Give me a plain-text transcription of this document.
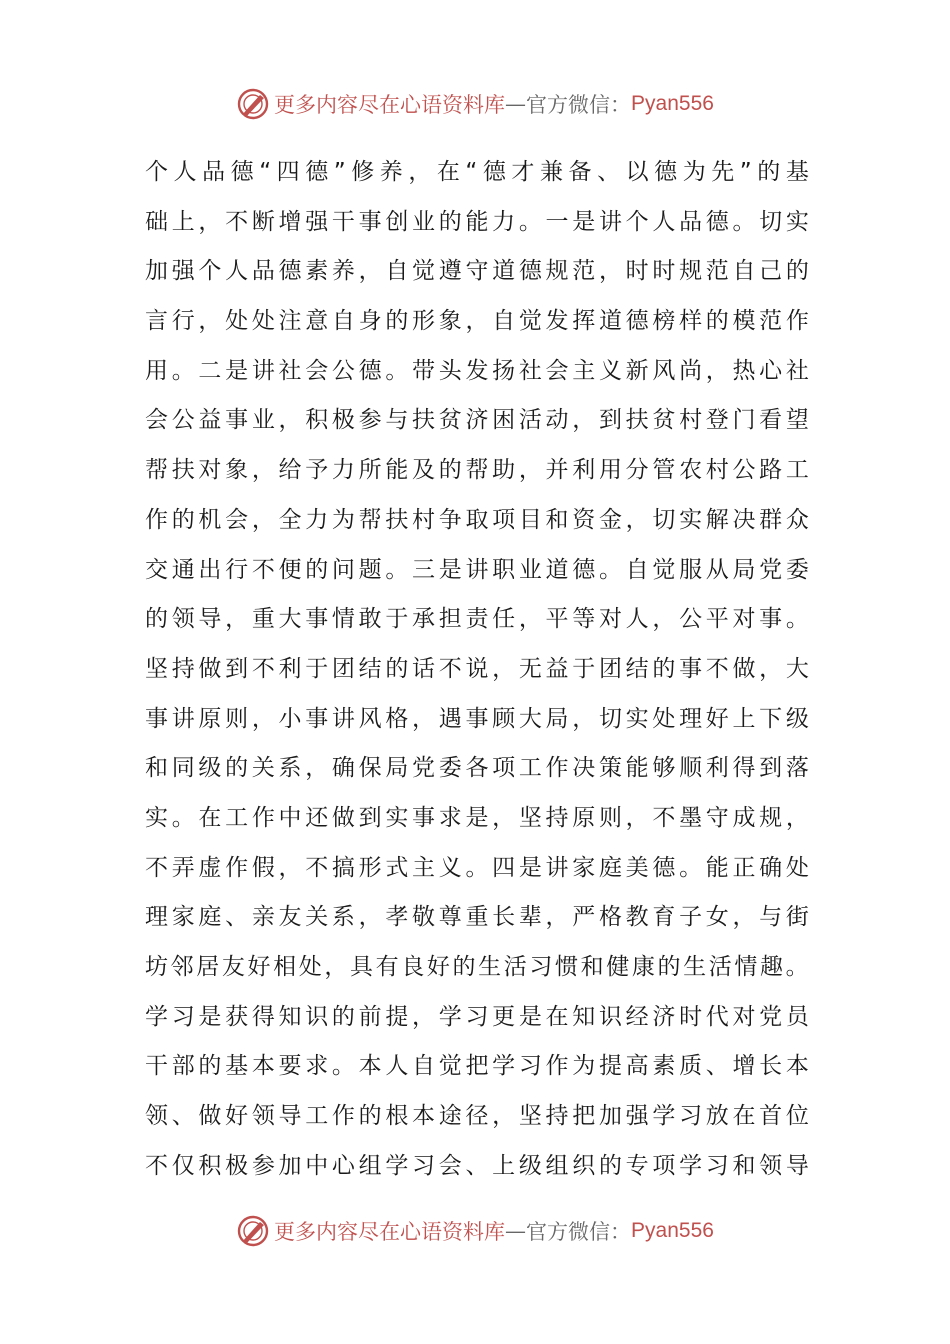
更多内容尽在心语资料库 — 官方微信： Pyan556
个 人 品 德 “ 四 德 ” 修 养 ， 在 “ 德 才 兼 备 、 以 德 为 先 ” 的 基
础 上 ， 不 断 增 强 干 事 创 业 的 能 力 。 一 是 讲 个 人 品 德 。 切 实
加 强 个 人 品 德 素 养 ， 自 觉 遵 守 道 德 规 范 ， 时 时 规 范 自 己 的
言 行 ， 处 处 注 意 自 身 的 形 象 ， 自 觉 发 挥 道 德 榜 样 的 模 范 作
用 。 二 是 讲 社 会 公 德 。 带 头 发 扬 社 会 主 义 新 风 尚 ， 热 心 社
会 公 益 事 业 ， 积 极 参 与 扶 贫 济 困 活 动 ， 到 扶 贫 村 登 门 看 望
帮 扶 对 象 ， 给 予 力 所 能 及 的 帮 助 ， 并 利 用 分 管 农 村 公 路 工
作 的 机 会 ， 全 力 为 帮 扶 村 争 取 项 目 和 资 金 ， 切 实 解 决 群 众
交 通 出 行 不 便 的 问 题 。 三 是 讲 职 业 道 德 。 自 觉 服 从 局 党 委
的 领 导 ， 重 大 事 情 敢 于 承 担 责 任 ， 平 等 对 人 ， 公 平 对 事 。
坚 持 做 到 不 利 于 团 结 的 话 不 说 ， 无 益 于 团 结 的 事 不 做 ， 大
事 讲 原 则 ， 小 事 讲 风 格 ， 遇 事 顾 大 局 ， 切 实 处 理 好 上 下 级
和 同 级 的 关 系 ， 确 保 局 党 委 各 项 工 作 决 策 能 够 顺 利 得 到 落
实 。 在 工 作 中 还 做 到 实 事 求 是 ， 坚 持 原 则 ， 不 墨 守 成 规 ，
不 弄 虚 作 假 ， 不 搞 形 式 主 义 。 四 是 讲 家 庭 美 德 。 能 正 确 处
理 家 庭 、 亲 友 关 系 ， 孝 敬 尊 重 长 辈 ， 严 格 教 育 子 女 ， 与 街
坊 邻 居 友 好 相 处 ， 具 有 良 好 的 生 活 习 惯 和 健 康 的 生 活 情 趣 。
学 习 是 获 得 知 识 的 前 提 ， 学 习 更 是 在 知 识 经 济 时 代 对 党 员
干 部 的 基 本 要 求 。 本 人 自 觉 把 学 习 作 为 提 高 素 质 、 增 长 本
领 、 做 好 领 导 工 作 的 根 本 途 径 ， 坚 持 把 加 强 学 习 放 在 首 位
不 仅 积 极 参 加 中 心 组 学 习 会 、 上 级 组 织 的 专 项 学 习 和 领 导
更多内容尽在心语资料库 — 官方微信： Pyan556
